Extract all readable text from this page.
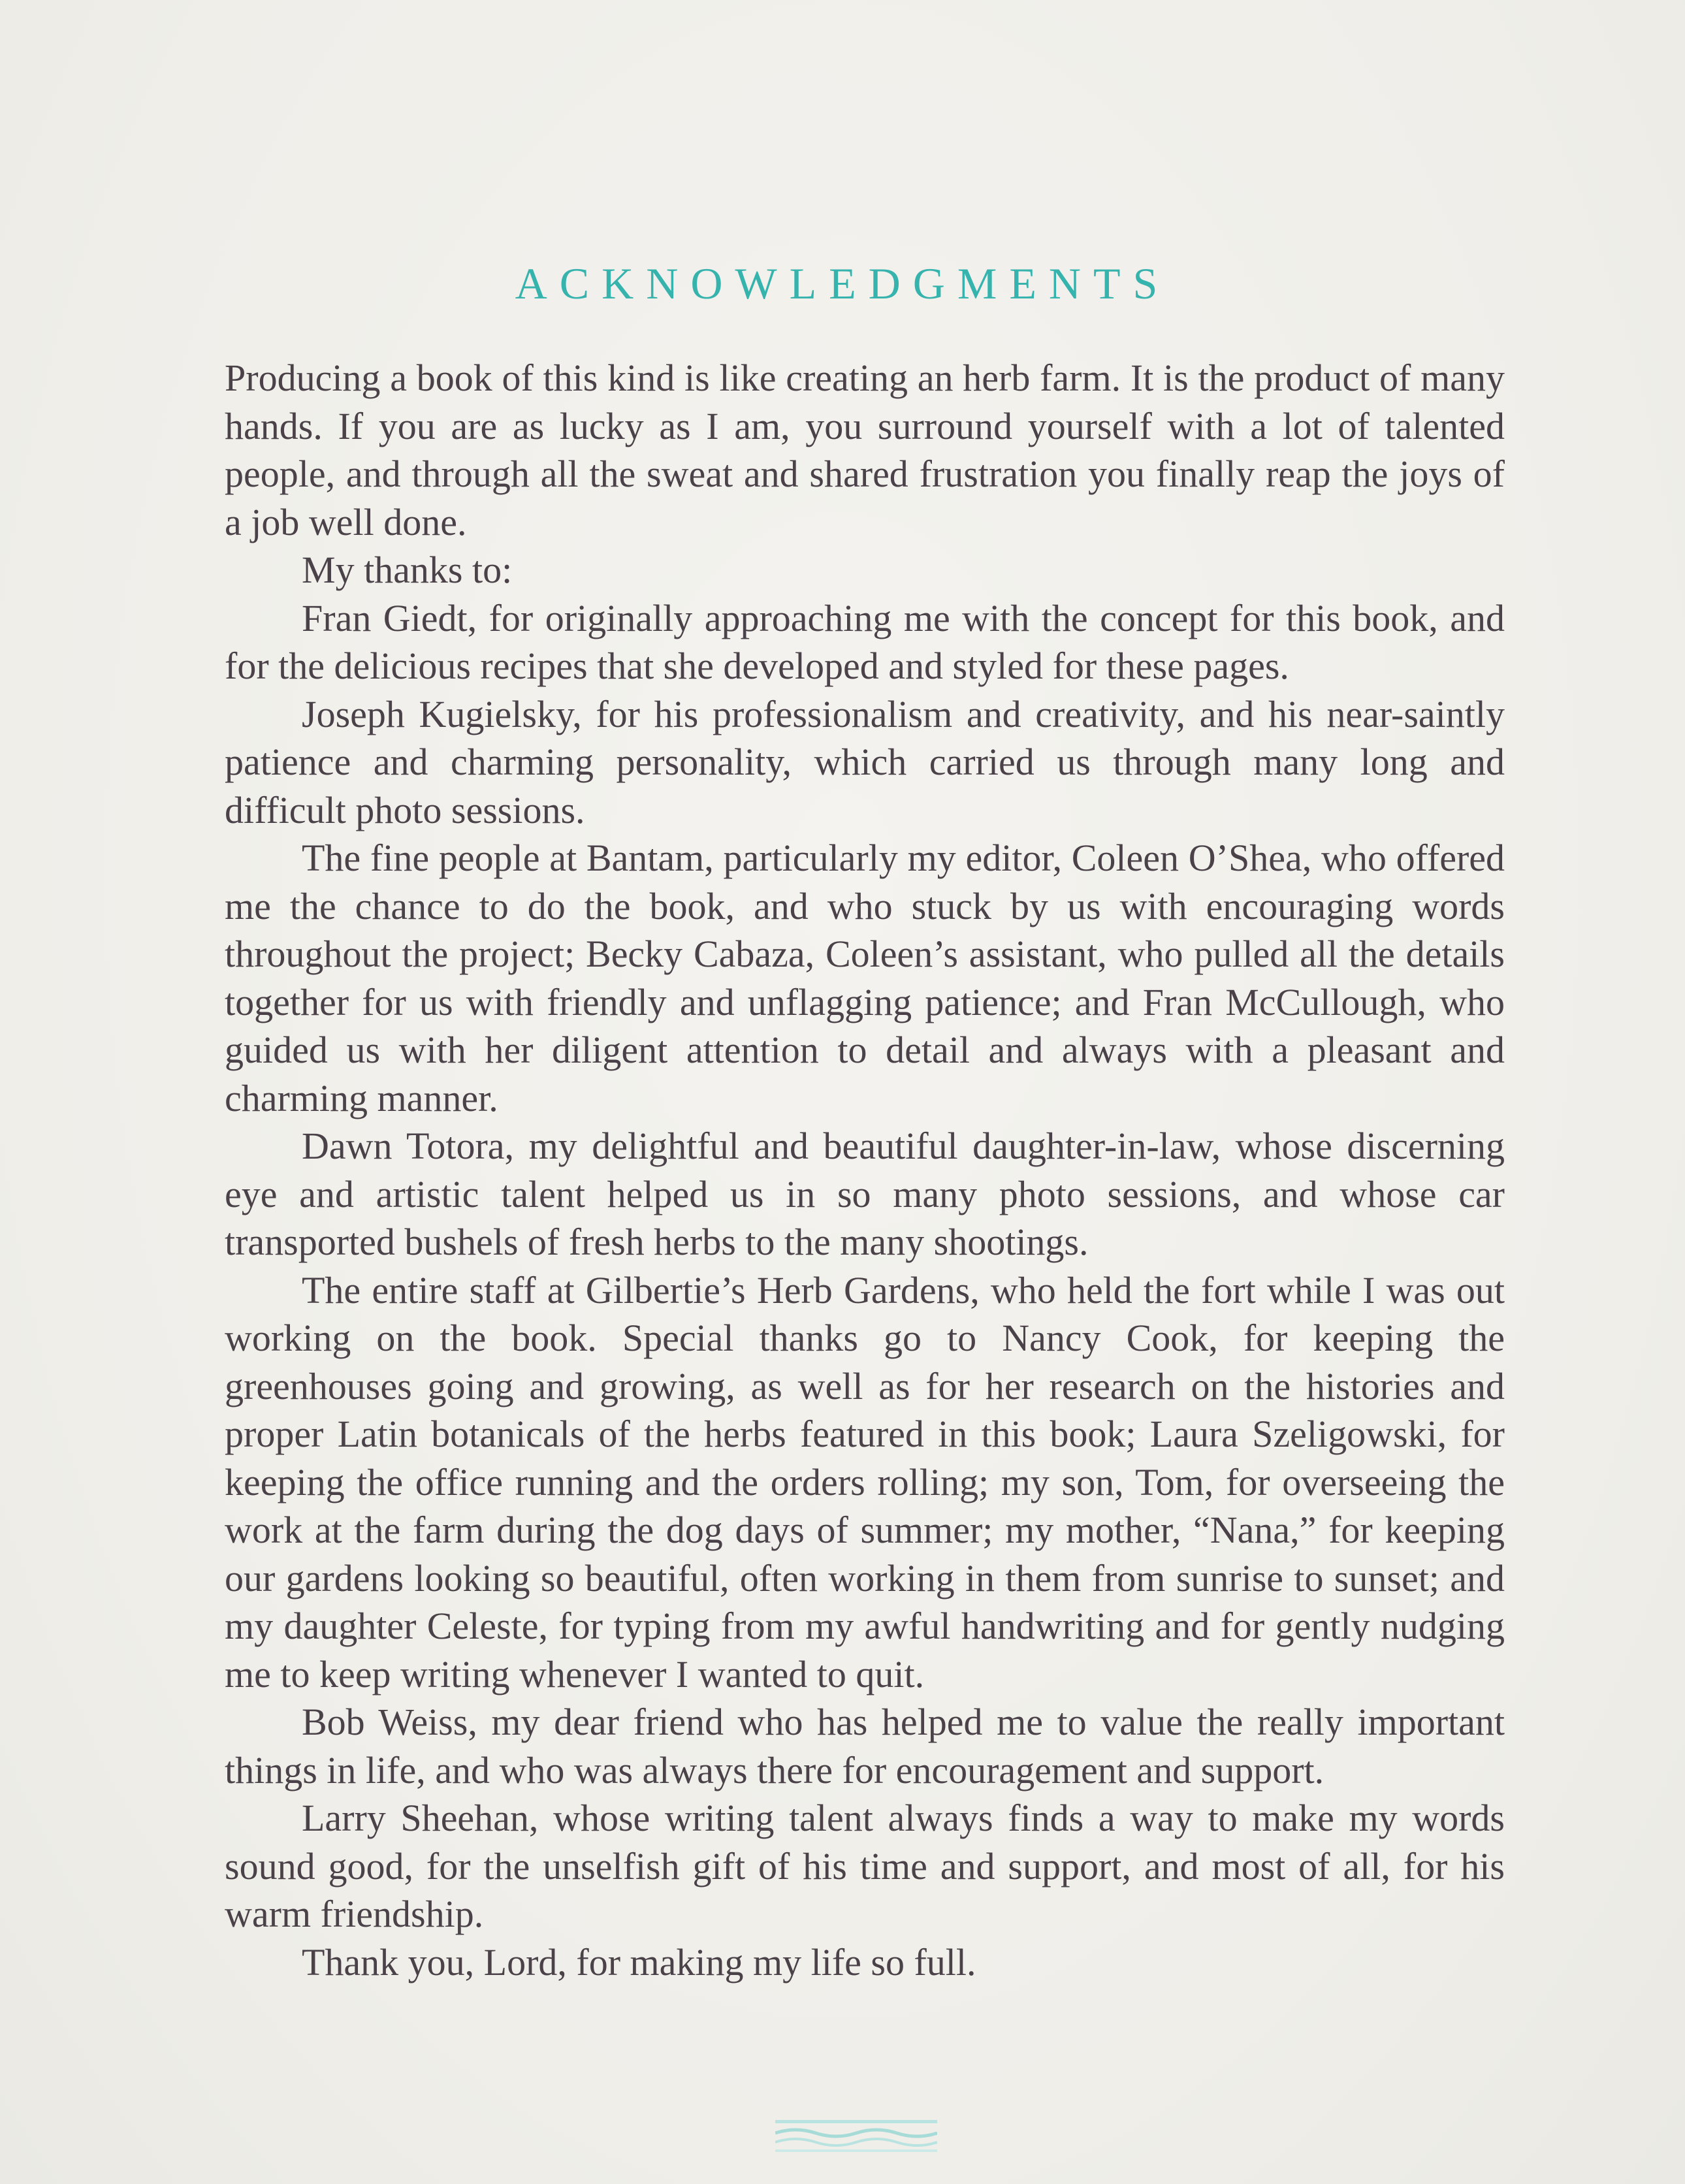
ACKNOWLEDGMENTS

Producing a book of this kind is like creating an herb farm. It is the product of many hands. If you are as lucky as I am, you surround yourself with a lot of talented people, and through all the sweat and shared frustration you finally reap the joys of a job well done.

My thanks to:

Fran Giedt, for originally approaching me with the concept for this book, and for the delicious recipes that she developed and styled for these pages.

Joseph Kugielsky, for his professionalism and creativity, and his near-saintly patience and charming personality, which carried us through many long and difficult photo sessions.

The fine people at Bantam, particularly my editor, Coleen O’Shea, who offered me the chance to do the book, and who stuck by us with encouraging words throughout the project; Becky Cabaza, Coleen’s assistant, who pulled all the details together for us with friendly and unflagging patience; and Fran McCullough, who guided us with her diligent attention to detail and always with a pleasant and charming manner.

Dawn Totora, my delightful and beautiful daughter-in-law, whose discerning eye and artistic talent helped us in so many photo sessions, and whose car transported bushels of fresh herbs to the many shootings.

The entire staff at Gilbertie’s Herb Gardens, who held the fort while I was out working on the book. Special thanks go to Nancy Cook, for keeping the greenhouses going and growing, as well as for her research on the histories and proper Latin botanicals of the herbs featured in this book; Laura Szeligowski, for keeping the office running and the orders rolling; my son, Tom, for overseeing the work at the farm during the dog days of summer; my mother, “Nana,” for keeping our gardens looking so beautiful, often working in them from sunrise to sunset; and my daughter Celeste, for typing from my awful handwriting and for gently nudging me to keep writing whenever I wanted to quit.

Bob Weiss, my dear friend who has helped me to value the really important things in life, and who was always there for encouragement and support.

Larry Sheehan, whose writing talent always finds a way to make my words sound good, for the unselfish gift of his time and support, and most of all, for his warm friendship.

Thank you, Lord, for making my life so full.
